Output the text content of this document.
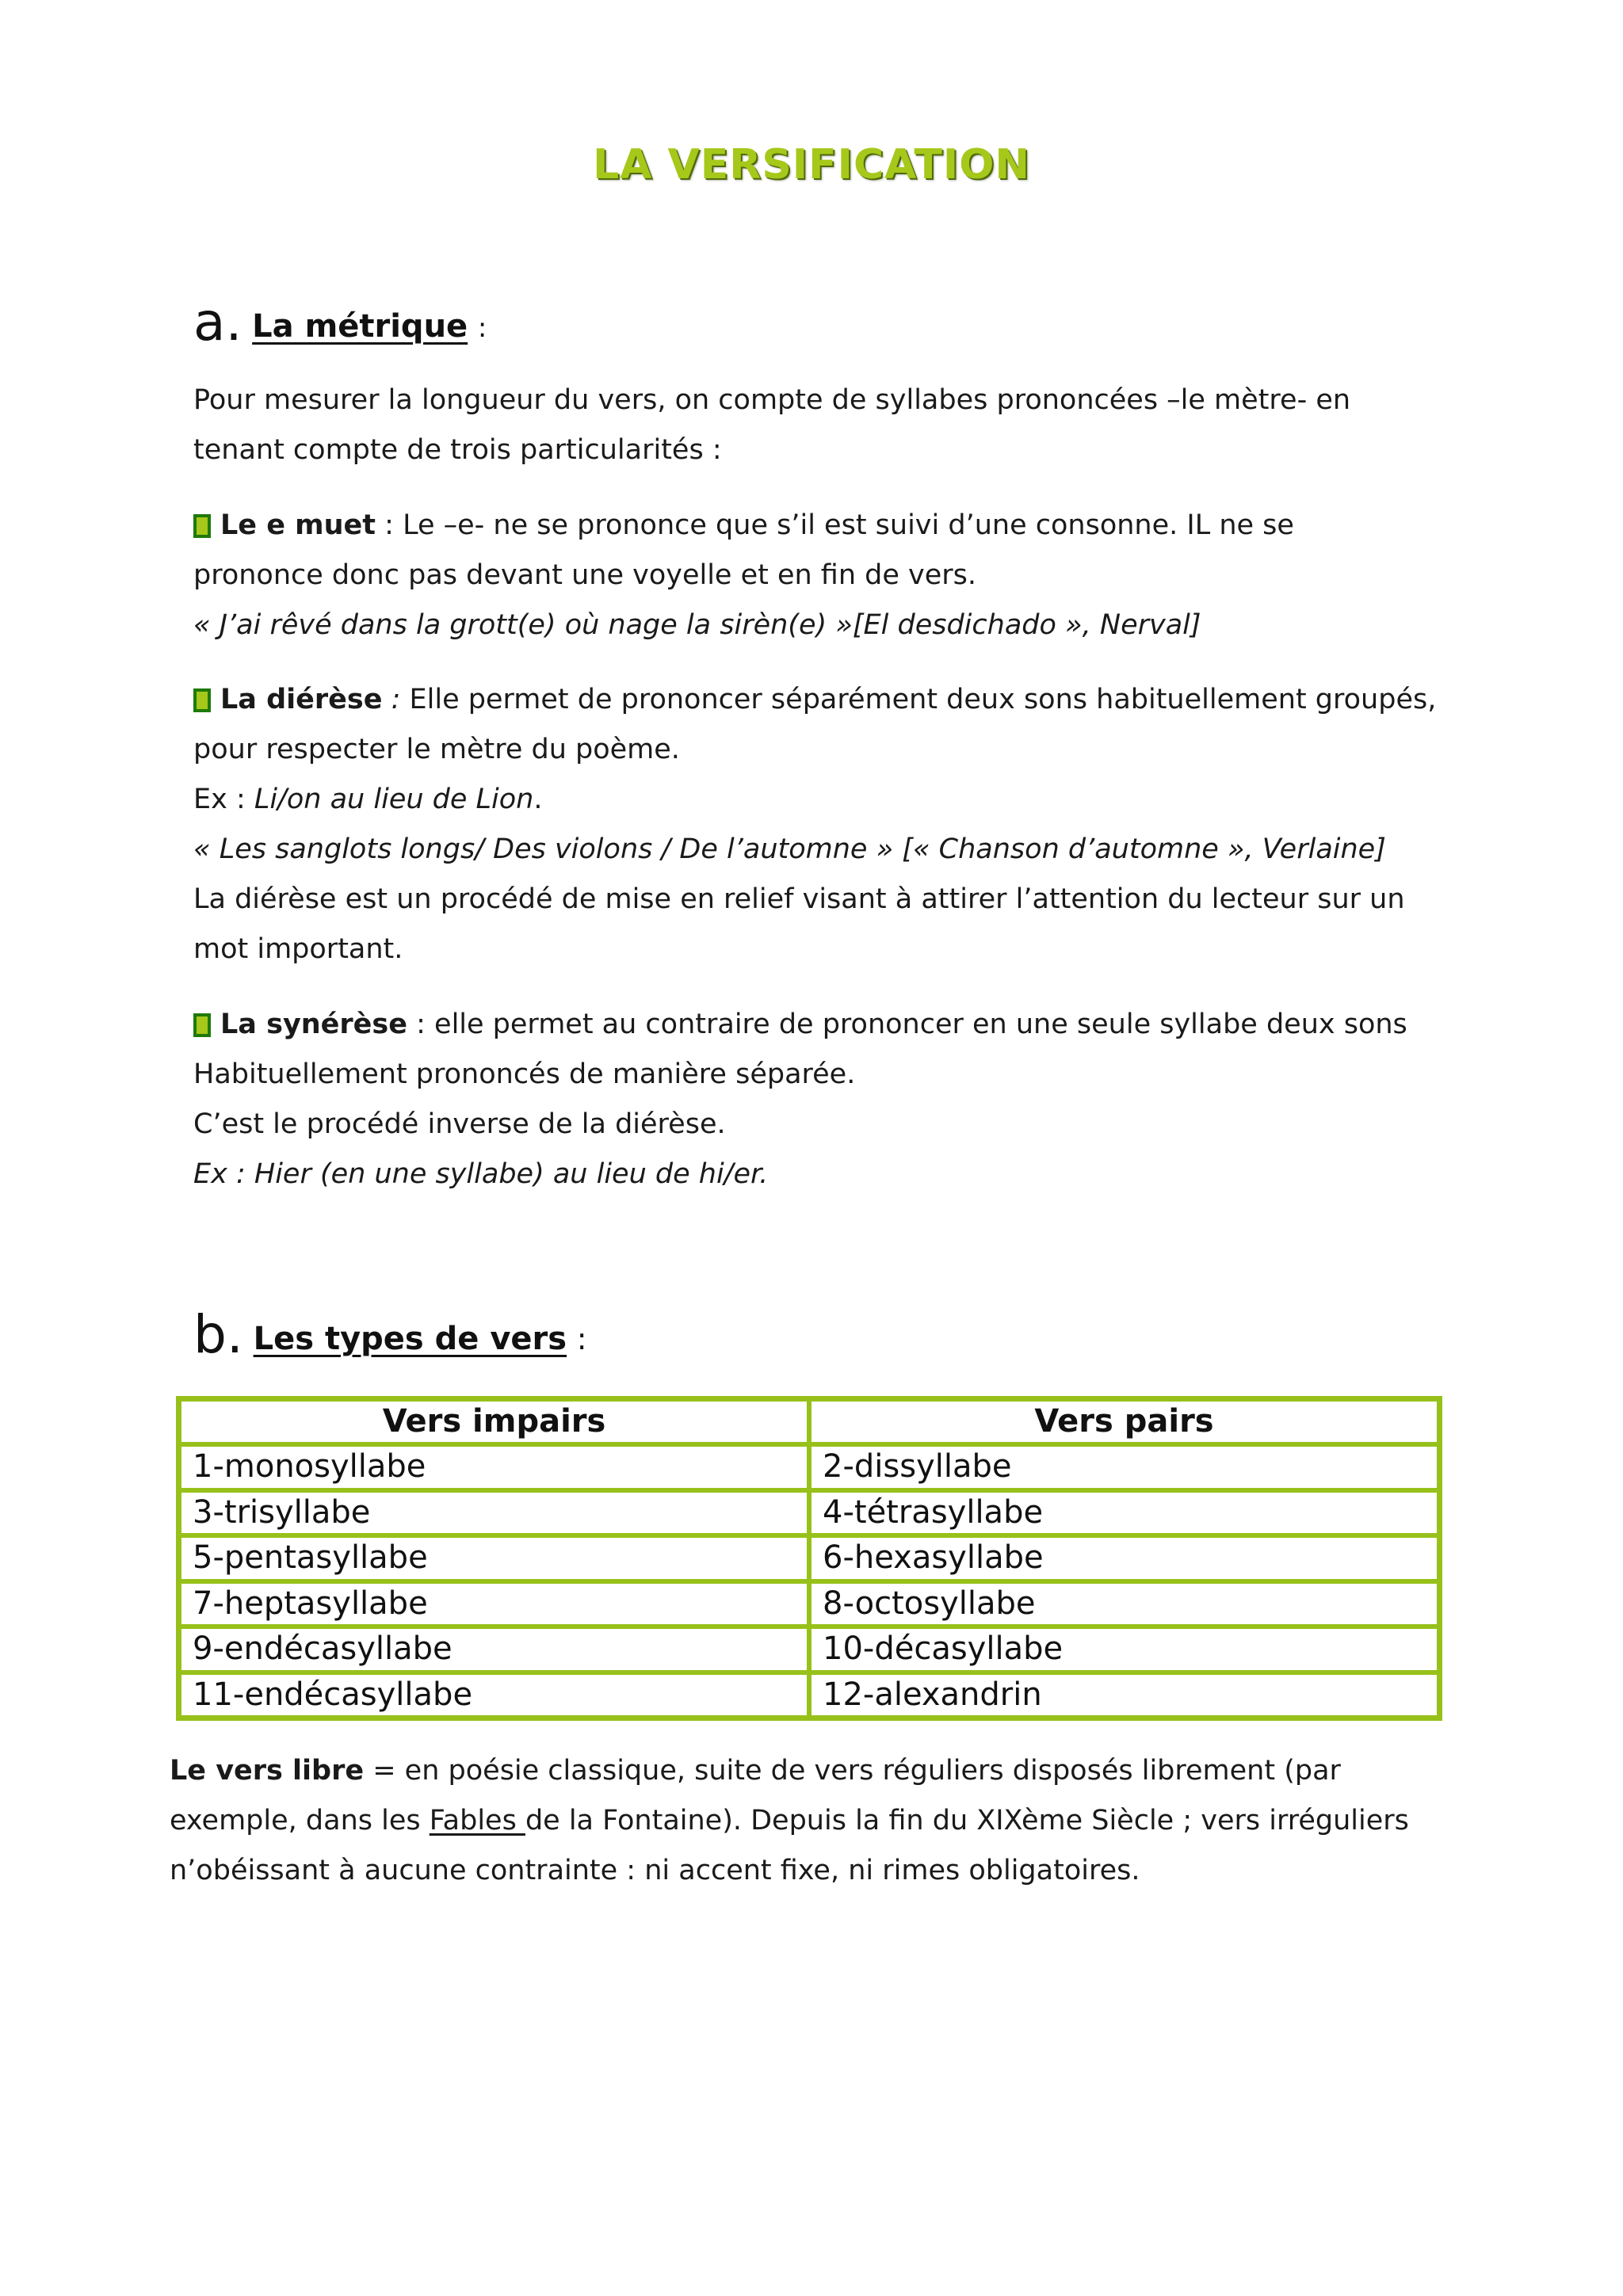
LA VERSIFICATION
a. La métrique :
Pour mesurer la longueur du vers, on compte de syllabes prononcées –le mètre- en
tenant compte de trois particularités :
Le e muet : Le –e- ne se prononce que s’il est suivi d’une consonne. IL ne se
prononce donc pas devant une voyelle et en fin de vers.
« J’ai rêvé dans la grott(e) où nage la sirèn(e) »[El desdichado », Nerval]
La diérèse : Elle permet de prononcer séparément deux sons habituellement groupés,
pour respecter le mètre du poème.
Ex : Li/on au lieu de Lion.
« Les sanglots longs/ Des violons / De l’automne » [« Chanson d’automne », Verlaine]
La diérèse est un procédé de mise en relief visant à attirer l’attention du lecteur sur un
mot important.
La synérèse : elle permet au contraire de prononcer en une seule syllabe deux sons
Habituellement prononcés de manière séparée.
C’est le procédé inverse de la diérèse.
Ex : Hier (en une syllabe) au lieu de hi/er.
b. Les types de vers :
Vers impairs	Vers pairs
1-monosyllabe	2-dissyllabe
3-trisyllabe	4-tétrasyllabe
5-pentasyllabe	6-hexasyllabe
7-heptasyllabe	8-octosyllabe
9-endécasyllabe	10-décasyllabe
11-endécasyllabe	12-alexandrin
Le vers libre = en poésie classique, suite de vers réguliers disposés librement (par
exemple, dans les Fables de la Fontaine). Depuis la fin du XIXème Siècle ; vers irréguliers
n’obéissant à aucune contrainte : ni accent fixe, ni rimes obligatoires.
